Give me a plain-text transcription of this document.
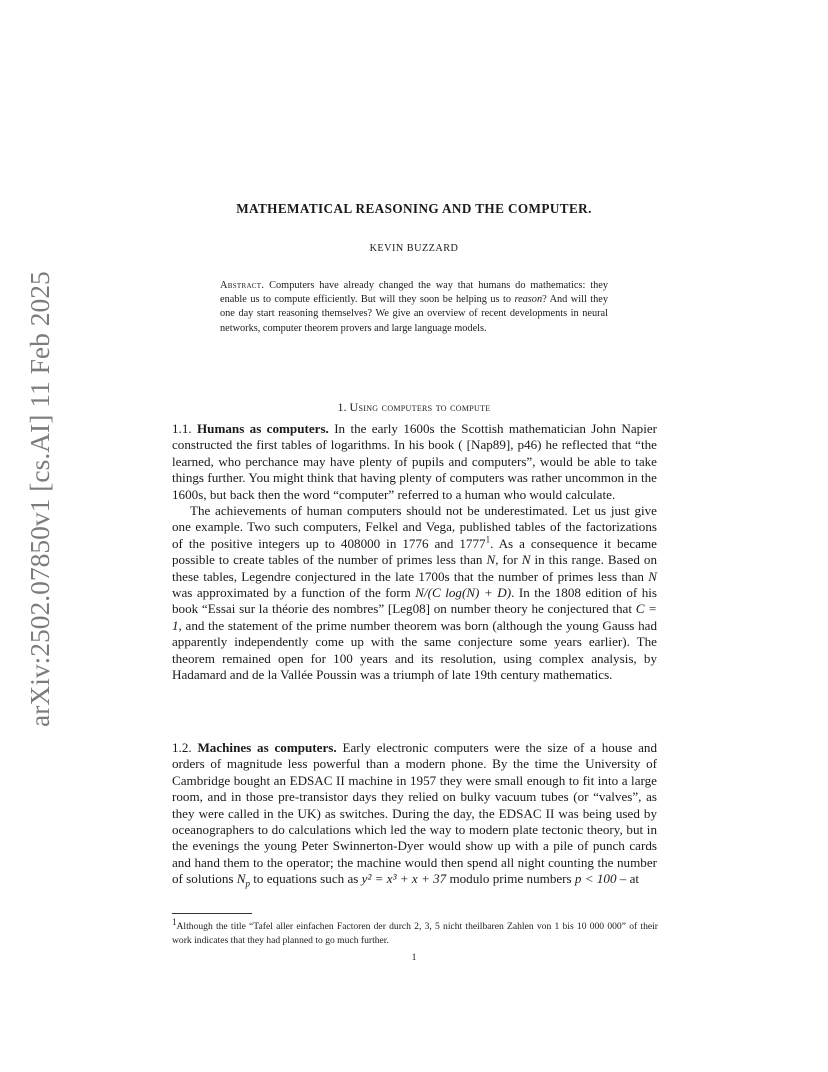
arXiv:2502.07850v1 [cs.AI] 11 Feb 2025
MATHEMATICAL REASONING AND THE COMPUTER.
KEVIN BUZZARD
Abstract. Computers have already changed the way that humans do mathematics: they enable us to compute efficiently. But will they soon be helping us to reason? And will they one day start reasoning themselves? We give an overview of recent developments in neural networks, computer theorem provers and large language models.
1. Using computers to compute

1.1. Humans as computers. In the early 1600s the Scottish mathematician John Napier constructed the first tables of logarithms. In his book ( [Nap89], p46) he reflected that “the learned, who perchance may have plenty of pupils and computers”, would be able to take things further. You might think that having plenty of computers was rather uncommon in the 1600s, but back then the word “computer” referred to a human who would calculate.

The achievements of human computers should not be underestimated. Let us just give one example. Two such computers, Felkel and Vega, published tables of the factorizations of the positive integers up to 408000 in 1776 and 1777$^1$. As a consequence it became possible to create tables of the number of primes less than N, for N in this range. Based on these tables, Legendre conjectured in the late 1700s that the number of primes less than N was approximated by a function of the form N/(C log(N) + D). In the 1808 edition of his book “Essai sur la théorie des nombres” [Leg08] on number theory he conjectured that C = 1, and the statement of the prime number theorem was born (although the young Gauss had apparently independently come up with the same conjecture some years earlier). The theorem remained open for 100 years and its resolution, using complex analysis, by Hadamard and de la Vallée Poussin was a triumph of late 19th century mathematics.

1.2. Machines as computers. Early electronic computers were the size of a house and orders of magnitude less powerful than a modern phone. By the time the University of Cambridge bought an EDSAC II machine in 1957 they were small enough to fit into a large room, and in those pre-transistor days they relied on bulky vacuum tubes (or “valves”, as they were called in the UK) as switches. During the day, the EDSAC II was being used by oceanographers to do calculations which led the way to modern plate tectonic theory, but in the evenings the young Peter Swinnerton-Dyer would show up with a pile of punch cards and hand them to the operator; the machine would then spend all night counting the number of solutions $N_p$ to equations such as y² = x³ + x + 37 modulo prime numbers p < 100 – at

$^1$Although the title “Tafel aller einfachen Factoren der durch 2, 3, 5 nicht theilbaren Zahlen von 1 bis 10 000 000” of their work indicates that they had planned to go much further.
1
